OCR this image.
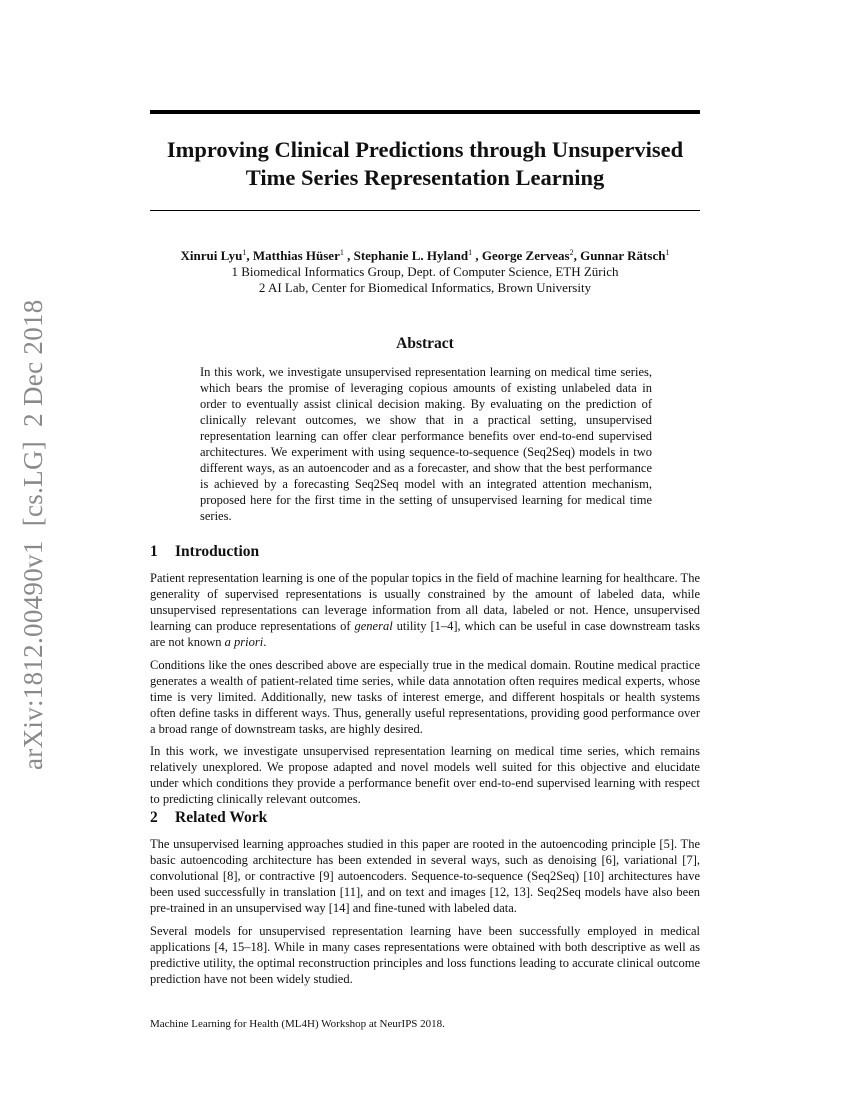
arXiv:1812.00490v1  [cs.LG]  2 Dec 2018
Improving Clinical Predictions through Unsupervised
Time Series Representation Learning
Xinrui Lyu$^1$, Matthias Hüser$^1$ , Stephanie L. Hyland$^1$ , George Zerveas$^2$, Gunnar Rätsch$^1$
1 Biomedical Informatics Group, Dept. of Computer Science, ETH Zürich
2 AI Lab, Center for Biomedical Informatics, Brown University
Abstract

In this work, we investigate unsupervised representation learning on medical time series, which bears the promise of leveraging copious amounts of existing unlabeled data in order to eventually assist clinical decision making. By evaluating on the prediction of clinically relevant outcomes, we show that in a practical setting, unsupervised representation learning can offer clear performance benefits over end-to-end supervised architectures. We experiment with using sequence-to-sequence (Seq2Seq) models in two different ways, as an autoencoder and as a forecaster, and show that the best performance is achieved by a forecasting Seq2Seq model with an integrated attention mechanism, proposed here for the first time in the setting of unsupervised learning for medical time series.

1 Introduction

Patient representation learning is one of the popular topics in the field of machine learning for healthcare. The generality of supervised representations is usually constrained by the amount of labeled data, while unsupervised representations can leverage information from all data, labeled or not. Hence, unsupervised learning can produce representations of general utility [1–4], which can be useful in case downstream tasks are not known a priori.

Conditions like the ones described above are especially true in the medical domain. Routine medical practice generates a wealth of patient-related time series, while data annotation often requires medical experts, whose time is very limited. Additionally, new tasks of interest emerge, and different hospitals or health systems often define tasks in different ways. Thus, generally useful representations, providing good performance over a broad range of downstream tasks, are highly desired.

In this work, we investigate unsupervised representation learning on medical time series, which remains relatively unexplored. We propose adapted and novel models well suited for this objective and elucidate under which conditions they provide a performance benefit over end-to-end supervised learning with respect to predicting clinically relevant outcomes.

2 Related Work

The unsupervised learning approaches studied in this paper are rooted in the autoencoding principle [5]. The basic autoencoding architecture has been extended in several ways, such as denoising [6], variational [7], convolutional [8], or contractive [9] autoencoders. Sequence-to-sequence (Seq2Seq) [10] architectures have been used successfully in translation [11], and on text and images [12, 13]. Seq2Seq models have also been pre-trained in an unsupervised way [14] and fine-tuned with labeled data.

Several models for unsupervised representation learning have been successfully employed in medical applications [4, 15–18]. While in many cases representations were obtained with both descriptive as well as predictive utility, the optimal reconstruction principles and loss functions leading to accurate clinical outcome prediction have not been widely studied.

Machine Learning for Health (ML4H) Workshop at NeurIPS 2018.
